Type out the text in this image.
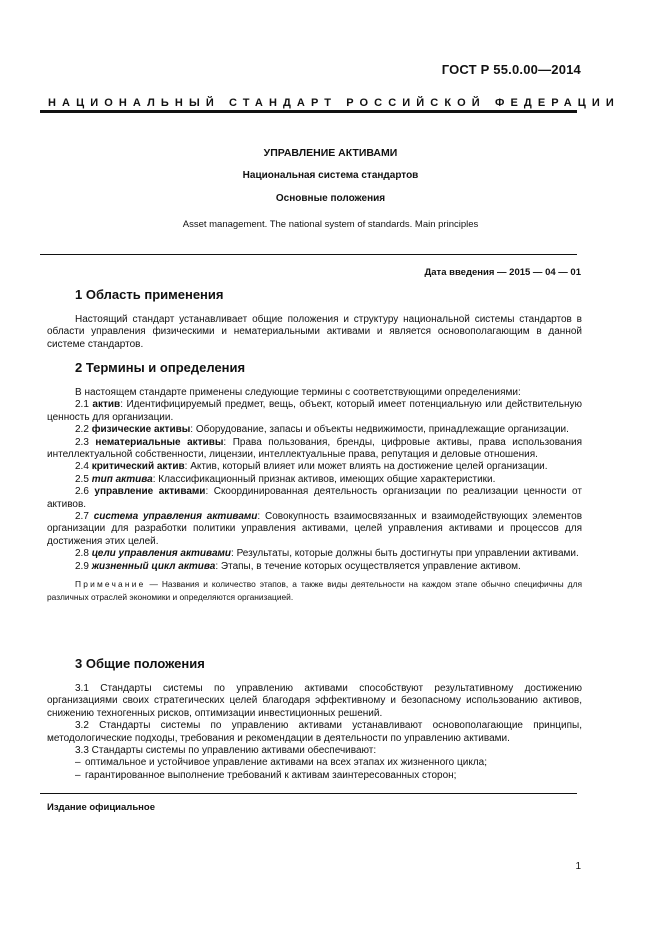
ГОСТ Р 55.0.00—2014
НАЦИОНАЛЬНЫЙ СТАНДАРТ РОССИЙСКОЙ ФЕДЕРАЦИИ
УПРАВЛЕНИЕ АКТИВАМИ
Национальная система стандартов
Основные положения
Asset management. The national system of standards. Main principles
Дата введения — 2015 — 04 — 01
1 Область применения
Настоящий стандарт устанавливает общие положения и структуру национальной системы стандартов в области управления физическими и нематериальными активами и является основополагающим в данной системе стандартов.
2 Термины и определения
В настоящем стандарте применены следующие термины с соответствующими определениями:
2.1 актив: Идентифицируемый предмет, вещь, объект, который имеет потенциальную или действительную ценность для организации.
2.2 физические активы: Оборудование, запасы и объекты недвижимости, принадлежащие организации.
2.3 нематериальные активы: Права пользования, бренды, цифровые активы, права использования интеллектуальной собственности, лицензии, интеллектуальные права, репутация и деловые отношения.
2.4 критический актив: Актив, который влияет или может влиять на достижение целей организации.
2.5 тип актива: Классификационный признак активов, имеющих общие характеристики.
2.6 управление активами: Скоординированная деятельность организации по реализации ценности от активов.
2.7 система управления активами: Совокупность взаимосвязанных и взаимодействующих элементов организации для разработки политики управления активами, целей управления активами и процессов для достижения этих целей.
2.8 цели управления активами: Результаты, которые должны быть достигнуты при управлении активами.
2.9 жизненный цикл актива: Этапы, в течение которых осуществляется управление активом.
Примечание — Названия и количество этапов, а также виды деятельности на каждом этапе обычно специфичны для различных отраслей экономики и определяются организацией.
3 Общие положения
3.1 Стандарты системы по управлению активами способствуют результативному достижению организациями своих стратегических целей благодаря эффективному и безопасному использованию активов, снижению техногенных рисков, оптимизации инвестиционных решений.
3.2 Стандарты системы по управлению активами устанавливают основополагающие принципы, методологические подходы, требования и рекомендации в деятельности по управлению активами.
3.3 Стандарты системы по управлению активами обеспечивают:
– оптимальное и устойчивое управление активами на всех этапах их жизненного цикла;
– гарантированное выполнение требований к активам заинтересованных сторон;
Издание официальное
1
